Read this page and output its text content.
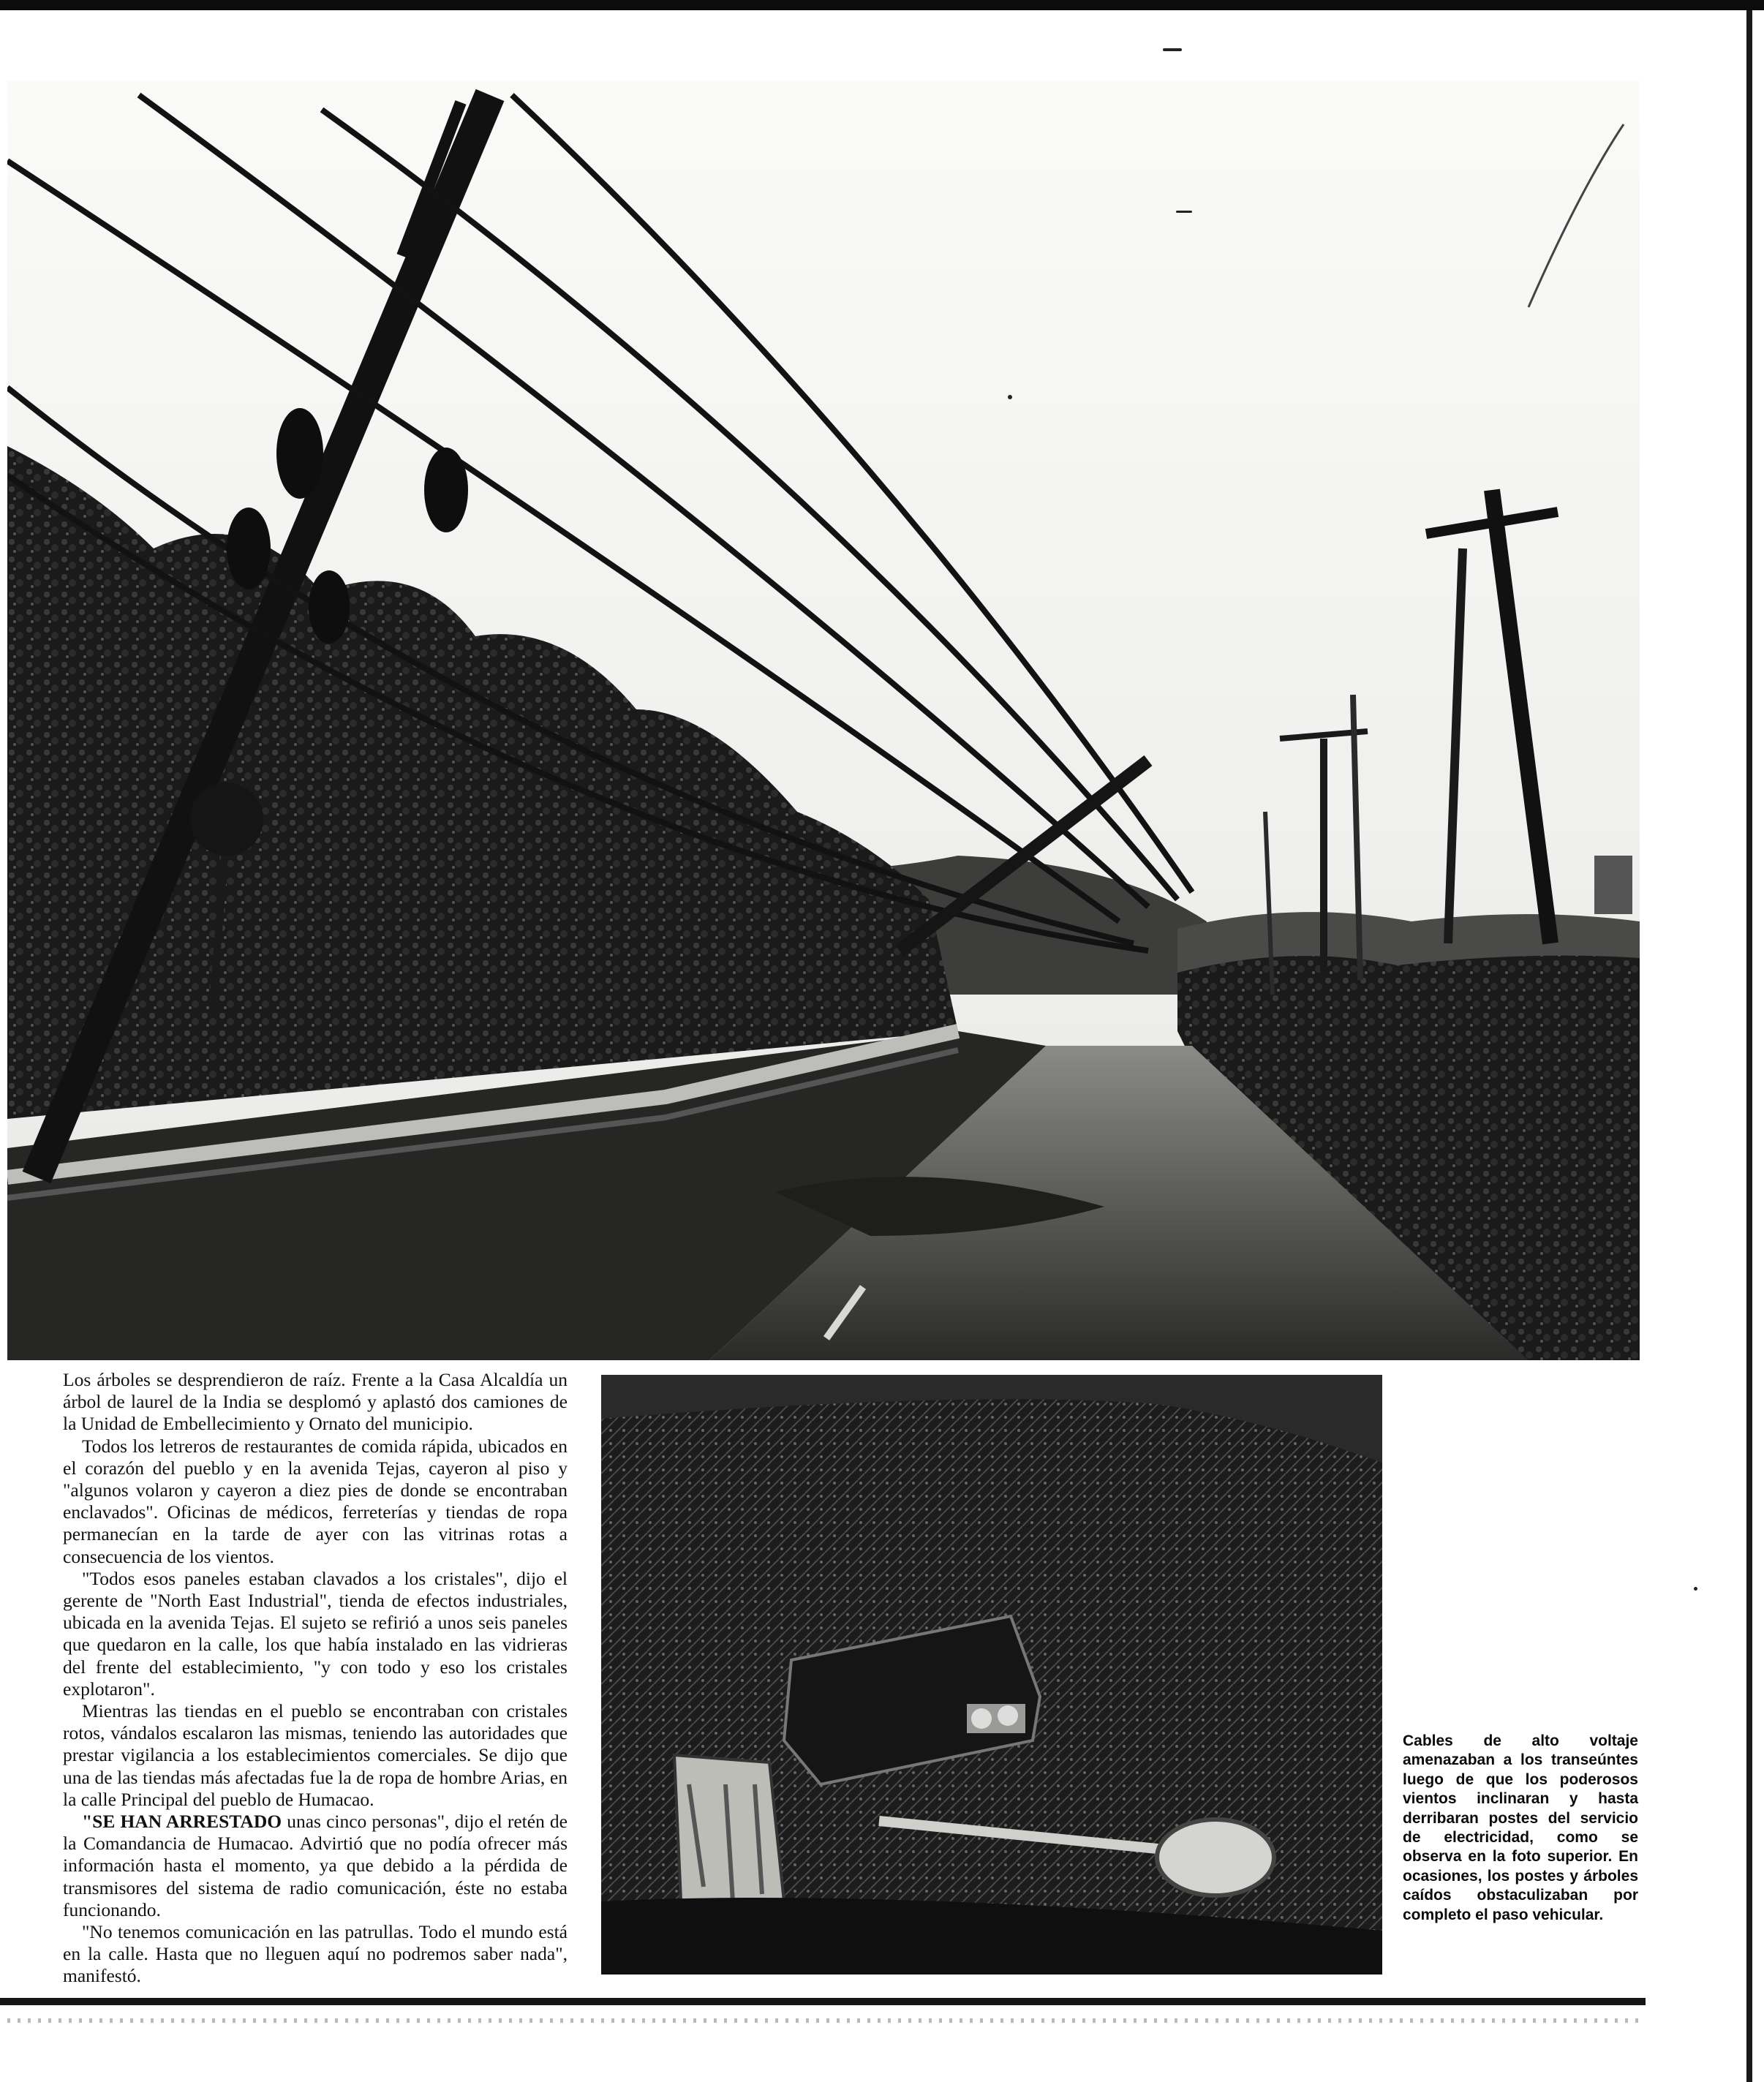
Los árboles se desprendieron de raíz. Frente a la Casa Alcaldía un árbol de laurel de la India se desplomó y aplastó dos camiones de la Unidad de Embellecimiento y Ornato del municipio.

Todos los letreros de restaurantes de comida rápida, ubicados en el corazón del pueblo y en la avenida Tejas, cayeron al piso y "algunos volaron y cayeron a diez pies de donde se encontraban enclavados". Oficinas de médicos, ferreterías y tiendas de ropa permanecían en la tarde de ayer con las vitrinas rotas a consecuencia de los vientos.

"Todos esos paneles estaban clavados a los cristales", dijo el gerente de "North East Industrial", tienda de efectos industriales, ubicada en la avenida Tejas. El sujeto se refirió a unos seis paneles que quedaron en la calle, los que había instalado en las vidrieras del frente del establecimiento, "y con todo y eso los cristales explotaron".

Mientras las tiendas en el pueblo se encontraban con cristales rotos, vándalos escalaron las mismas, teniendo las autoridades que prestar vigilancia a los establecimientos comerciales. Se dijo que una de las tiendas más afectadas fue la de ropa de hombre Arias, en la calle Principal del pueblo de Humacao.

"SE HAN ARRESTADO unas cinco personas", dijo el retén de la Comandancia de Humacao. Advirtió que no podía ofrecer más información hasta el momento, ya que debido a la pérdida de transmisores del sistema de radio comunicación, éste no estaba funcionando.

"No tenemos comunicación en las patrullas. Todo el mundo está en la calle. Hasta que no lleguen aquí no podremos saber nada", manifestó.

Cables de alto voltaje amenazaban a los transeúntes luego de que los poderosos vientos inclinaran y hasta derribaran postes del servicio de electricidad, como se observa en la foto superior. En ocasiones, los postes y árboles caídos obstaculizaban por completo el paso vehicular.
